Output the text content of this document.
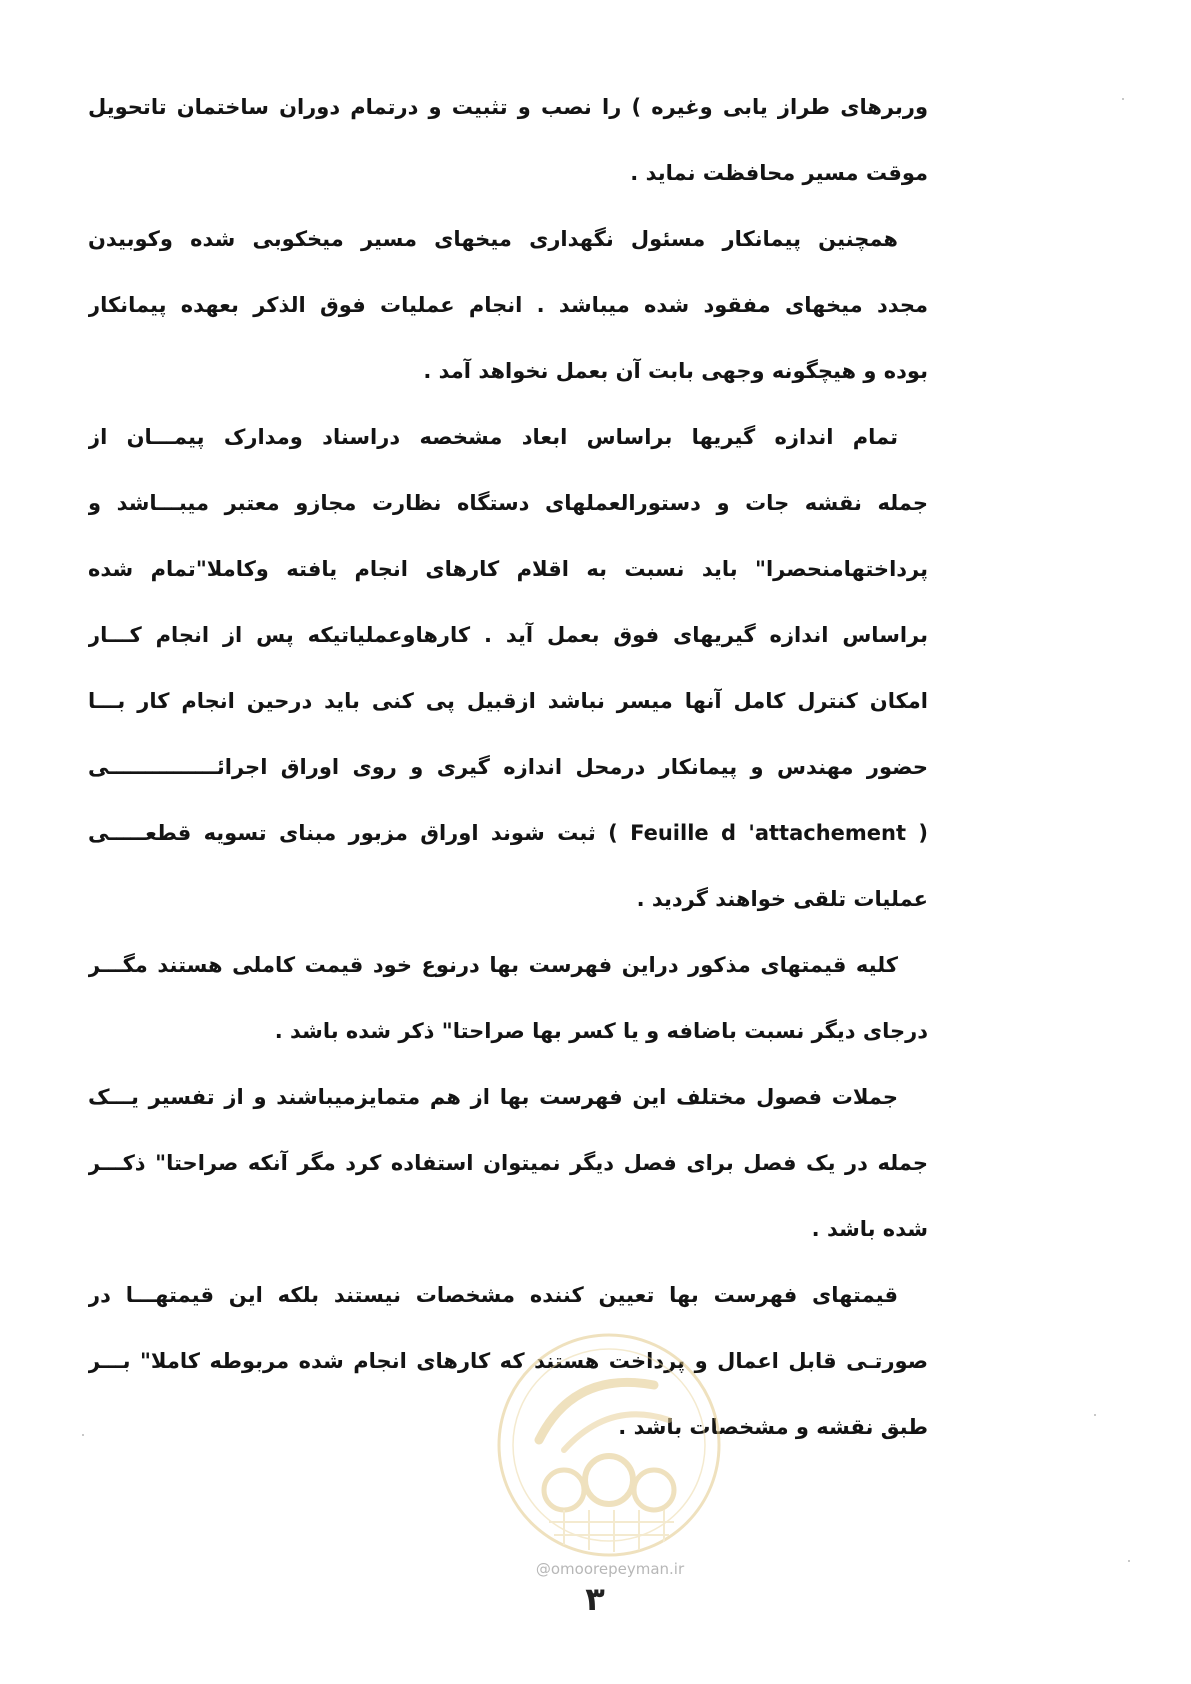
وربرهای طراز یابی وغیره ) را نصب و تثبیت و درتمام دوران ساختمان تاتحویل
موقت مسیر محافظت نماید .
همچنین پیمانکار مسئول نگهداری میخهای مسیر میخکوبی شده وکوبیدن
مجدد میخهای مفقود شده میباشد . انجام عملیات فوق الذکر بعهده پیمانکار
بوده و هیچگونه وجهی بابت آن بعمل نخواهد آمد .
تمام اندازه گیریها براساس ابعاد مشخصه دراسناد ومدارک پیمـــان از
جمله نقشه جات و دستورالعملهای دستگاه نظارت مجازو معتبر میبـــاشد و
پرداختهامنحصرا" باید نسبت به اقلام کارهای انجام یافته وکاملا"تمام شده
براساس اندازه گیریهای فوق بعمل آید . کارهاوعملیاتیکه پس از انجام کـــار
امکان کنترل کامل آنها میسر نباشد ازقبیل پی کنی باید درحین انجام کار بـــا
حضور مهندس و پیمانکار درمحل اندازه گیری و روی اوراق اجرائـــــــــــــــی
( Feuille d 'attachement ) ثبت شوند اوراق مزبور مبنای تسویه قطعـــــی
عملیات تلقی خواهند گردید .
کلیه قیمتهای مذکور دراین فهرست بها درنوع خود قیمت کاملی هستند مگـــر
درجای دیگر نسبت باضافه و یا کسر بها صراحتا" ذکر شده باشد .
جملات فصول مختلف این فهرست بها از هم متمایزمیباشند و از تفسیر یـــک
جمله در یک فصل برای فصل دیگر نمیتوان استفاده کرد مگر آنکه صراحتا" ذکـــر
شده باشد .
قیمتهای فهرست بها تعیین کننده مشخصات نیستند بلکه این قیمتهـــا در
صورتـی قابل اعمال و پرداخت هستند که کارهای انجام شده مربوطه کاملا" بـــر
طبق نقشه و مشخصات باشد .
@omoorepeyman.ir
۳
